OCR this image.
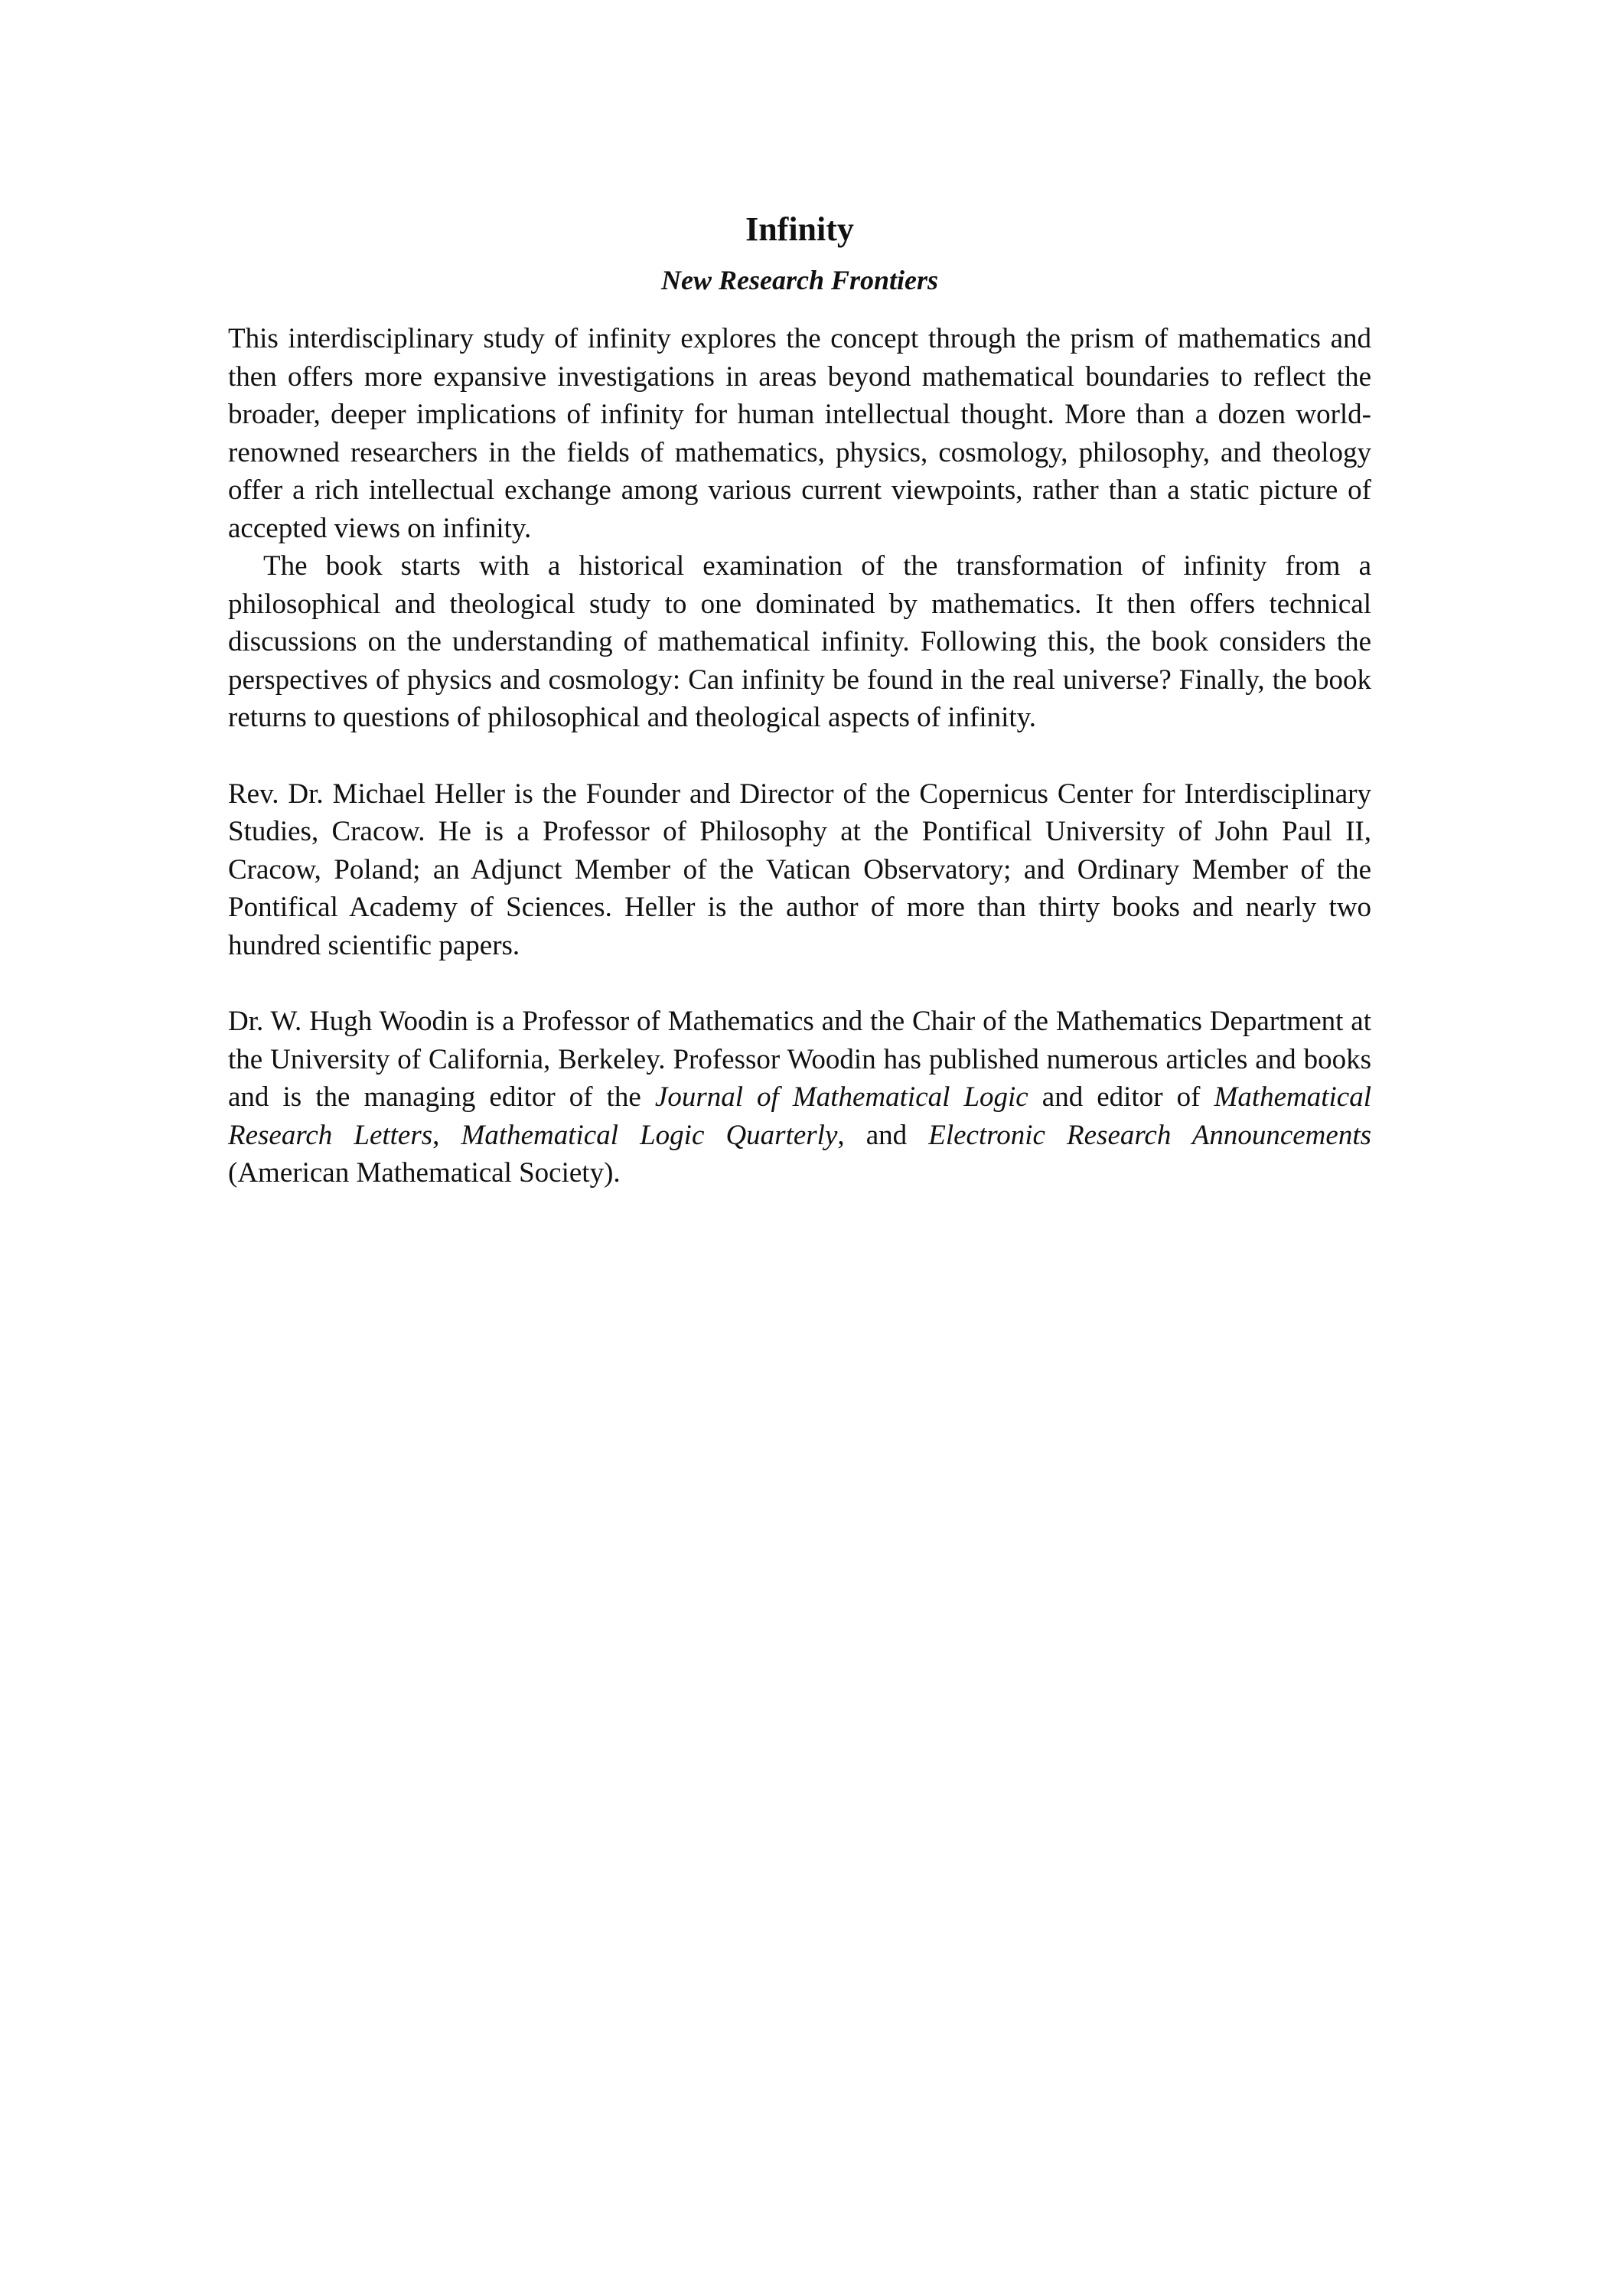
Infinity
New Research Frontiers

This interdisciplinary study of infinity explores the concept through the prism of mathematics and then offers more expansive investigations in areas beyond mathematical boundaries to reflect the broader, deeper implications of infinity for human intellectual thought. More than a dozen world-renowned researchers in the fields of mathematics, physics, cosmology, philosophy, and theology offer a rich intellectual exchange among various current viewpoints, rather than a static picture of accepted views on infinity.

The book starts with a historical examination of the transformation of infinity from a philosophical and theological study to one dominated by mathematics. It then offers technical discussions on the understanding of mathematical infinity. Following this, the book considers the perspectives of physics and cosmology: Can infinity be found in the real universe? Finally, the book returns to questions of philosophical and theological aspects of infinity.

Rev. Dr. Michael Heller is the Founder and Director of the Copernicus Center for Interdisciplinary Studies, Cracow. He is a Professor of Philosophy at the Pontifical University of John Paul II, Cracow, Poland; an Adjunct Member of the Vatican Observatory; and Ordinary Member of the Pontifical Academy of Sciences. Heller is the author of more than thirty books and nearly two hundred scientific papers.

Dr. W. Hugh Woodin is a Professor of Mathematics and the Chair of the Mathematics Department at the University of California, Berkeley. Professor Woodin has published numerous articles and books and is the managing editor of the Journal of Mathematical Logic and editor of Mathematical Research Letters, Mathematical Logic Quarterly, and Electronic Research Announcements (American Mathematical Society).
